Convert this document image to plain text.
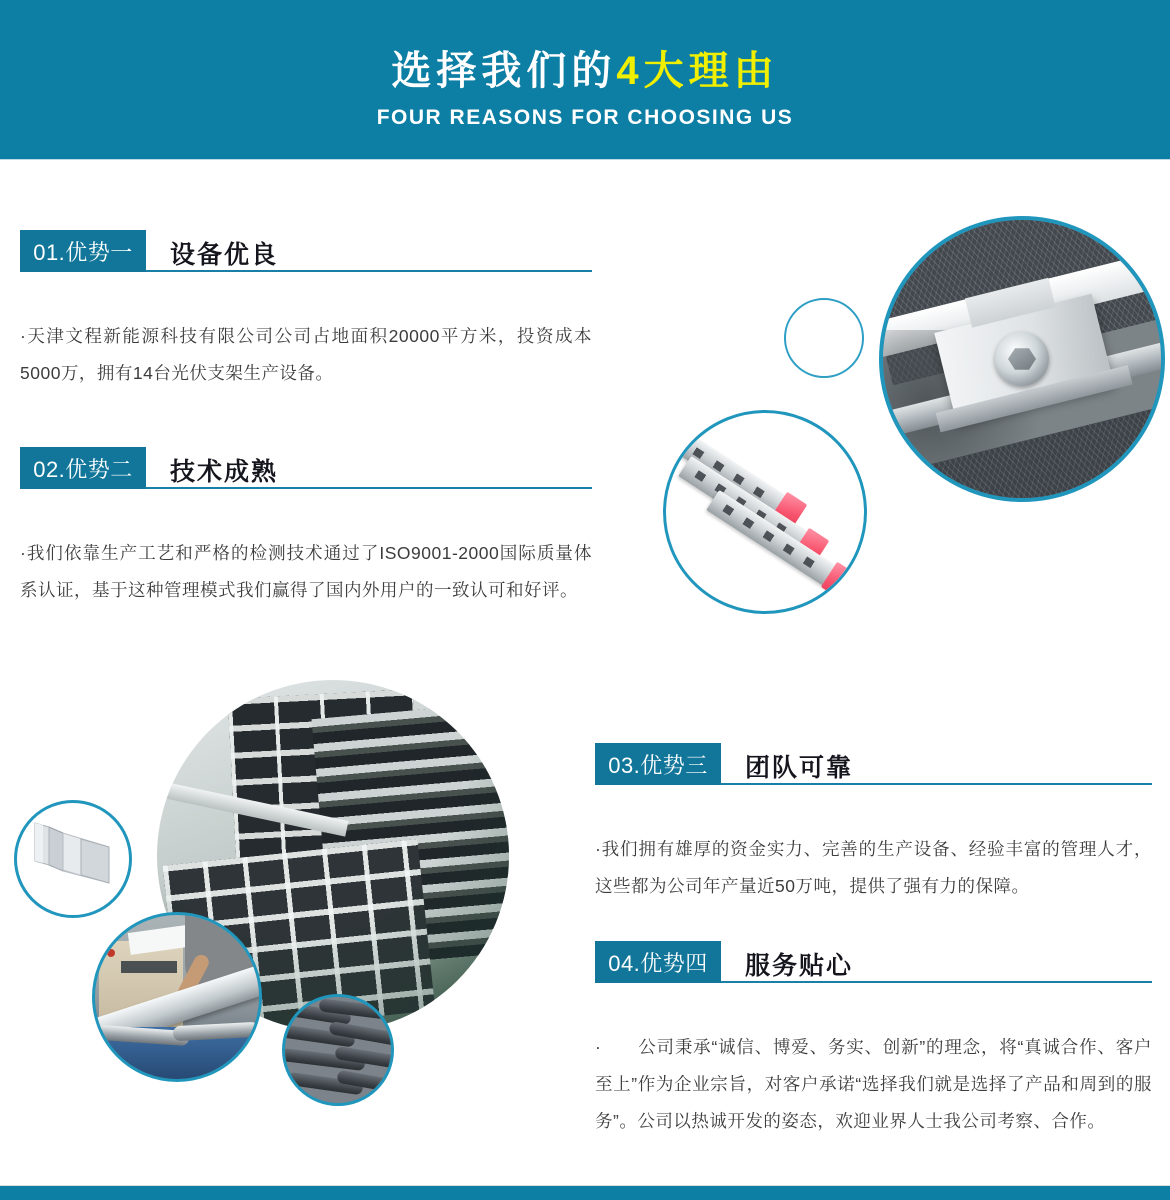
选择我们的4大理由
FOUR REASONS FOR CHOOSING US
01.优势一	设备优良
·天津文程新能源科技有限公司公司占地面积20000平方米，投资成本5000万，拥有14台光伏支架生产设备。
02.优势二	技术成熟
·我们依靠生产工艺和严格的检测技术通过了ISO9001-2000国际质量体系认证，基于这种管理模式我们赢得了国内外用户的一致认可和好评。
03.优势三	团队可靠
·我们拥有雄厚的资金实力、完善的生产设备、经验丰富的管理人才，这些都为公司年产量近50万吨，提供了强有力的保障。
04.优势四	服务贴心
·　　公司秉承“诚信、博爱、务实、创新”的理念，将“真诚合作、客户至上”作为企业宗旨，对客户承诺“选择我们就是选择了产品和周到的服务”。公司以热诚开发的姿态，欢迎业界人士我公司考察、合作。
